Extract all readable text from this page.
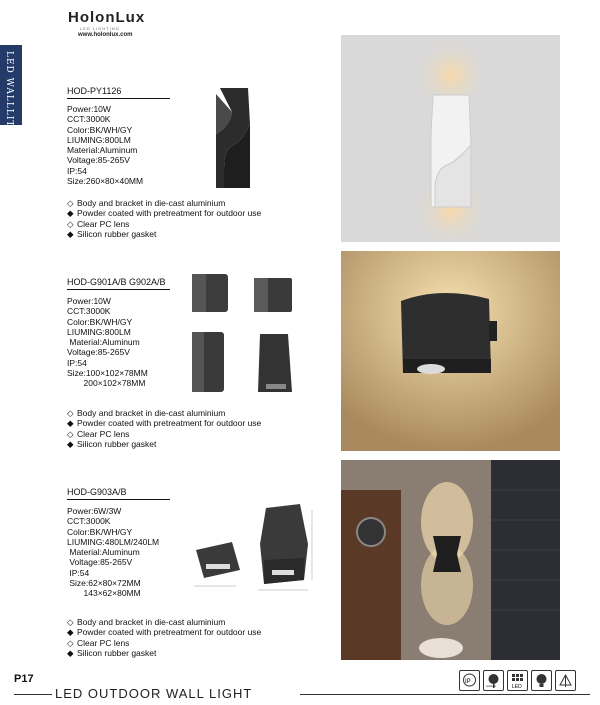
HolonLux
LED LIGHTING
www.holonlux.com
LED WALLLIT	HOD-PY1126
Power:10W
CCT:3000K
Color:BK/WH/GY
LIUMING:800LM
Material:Aluminum
Voltage:85-265V
IP:54
Size:260×80×40MM
◇ Body and bracket in die-cast aluminium
◆ Powder coated with pretreatment for outdoor use
◇ Clear PC lens
◆ Silicon rubber gasket
HOD-G901A/B G902A/B
Power:10W
CCT:3000K
Color:BK/WH/GY
LIUMING:800LM
Material:Aluminum
Voltage:85-265V
IP:54
Size:100×102×78MM
200×102×78MM
◇ Body and bracket in die-cast aluminium
◆ Powder coated with pretreatment for outdoor use
◇ Clear PC lens
◆ Silicon rubber gasket
HOD-G903A/B
Power:6W/3W
CCT:3000K
Color:BK/WH/GY
LIUMING:480LM/240LM
Material:Aluminum
Voltage:85-265V
IP:54
Size:62×80×72MM
143×62×80MM
◇ Body and bracket in die-cast aluminium
◆ Powder coated with pretreatment for outdoor use
◇ Clear PC lens
◆ Silicon rubber gasket
P17
LED OUTDOOR WALL LIGHT
IP
outdoor	LED
